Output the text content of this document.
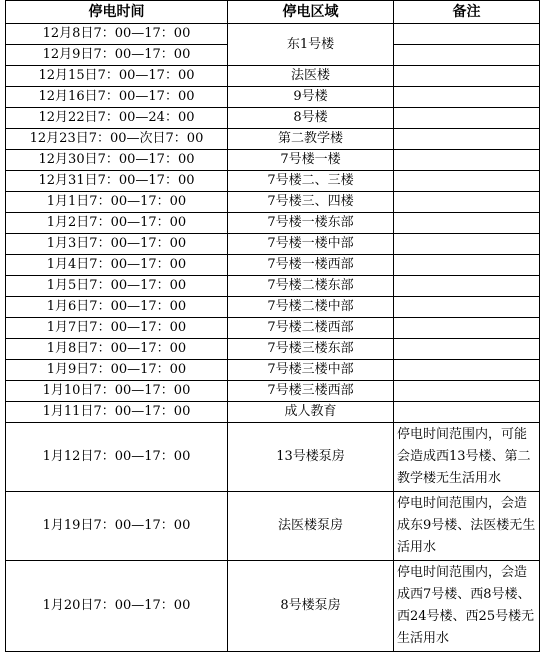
停电时间	停电区域	备注
12月8日7：00—17：00	东1号楼	
12月9日7：00—17：00		
12月15日7：00—17：00	法医楼	
12月16日7：00—17：00	9号楼	
12月22日7：00—24：00	8号楼	
12月23日7：00—次日7：00	第二教学楼	
12月30日7：00—17：00	7号楼一楼	
12月31日7：00—17：00	7号楼二、三楼	
1月1日7：00—17：00	7号楼三、四楼	
1月2日7：00—17：00	7号楼一楼东部	
1月3日7：00—17：00	7号楼一楼中部	
1月4日7：00—17：00	7号楼一楼西部	
1月5日7：00—17：00	7号楼二楼东部	
1月6日7：00—17：00	7号楼二楼中部	
1月7日7：00—17：00	7号楼二楼西部	
1月8日7：00—17：00	7号楼三楼东部	
1月9日7：00—17：00	7号楼三楼中部	
1月10日7：00—17：00	7号楼三楼西部	
1月11日7：00—17：00	成人教育	
1月12日7：00—17：00	13号楼泵房	停电时间范围内，可能会造成西13号楼、第二教学楼无生活用水
1月19日7：00—17：00	法医楼泵房	停电时间范围内，会造成东9号楼、法医楼无生活用水
1月20日7：00—17：00	8号楼泵房	停电时间范围内，会造成西7号楼、西8号楼、西24号楼、西25号楼无生活用水
